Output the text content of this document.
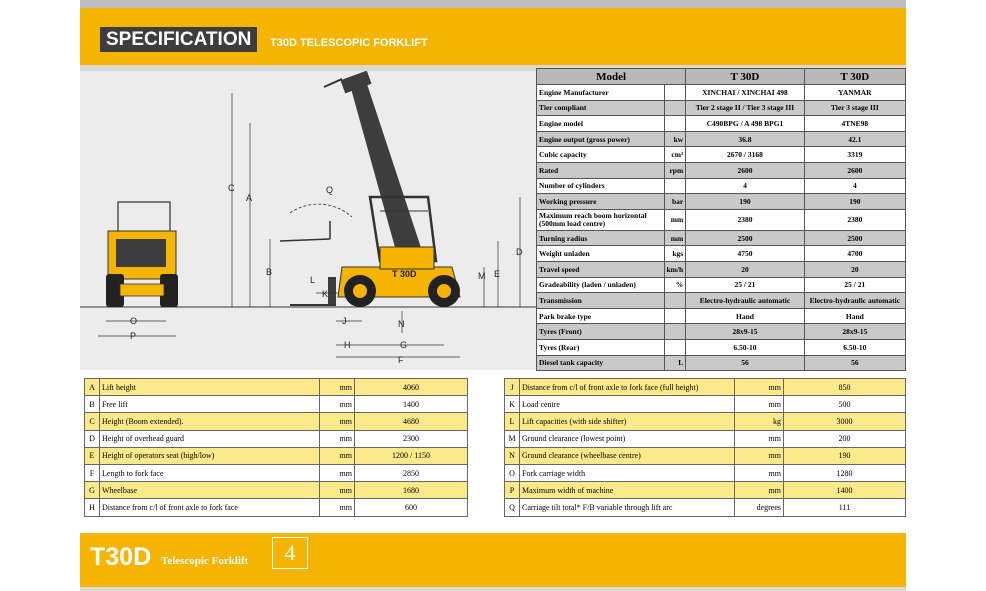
SPECIFICATION	T30D TELESCOPIC FORKLIFT
O
P
T 30D
C
A
B
D
E
M
Q
L
K
J	N
H	G
F
Model		T 30D	T 30D
Engine Manufacturer		XINCHAI / XINCHAI 498	YANMAR
Tier compliant		Tier 2 stage II / Tier 3 stage III	Tier 3 stage III
Engine model		C490BPG / A 498 BPG1	4TNE98
Engine output (gross power)	kw	36.8	42.1
Cubic capacity	cm³	2670 / 3168	3319
Rated	rpm	2600	2600
Number of cylinders		4	4
Working pressure	bar	190	190
Maximum reach boom horizontal
(500mm load centre)	mm	2380	2380
Turning radius	mm	2500	2500
Weight unladen	kgs	4750	4700
Travel speed	km/h	20	20
Gradeability (laden / unladen)	%	25 / 21	25 / 21
Transmission		Electro-hydraulic automatic	Electro-hydraulic automatic
Park brake type		Hand	Hand
Tyres (Front)		28x9-15	28x9-15
Tyres (Rear)		6.50-10	6.50-10
Diesel tank capacity	L	56	56
A	Lift height	mm	4060
B	Free lift	mm	1400
C	Height (Boom extended).	mm	4680
D	Height of overhead guard	mm	2300
E	Height of operators seat (high/low)	mm	1200 / 1150
F	Length to fork face	mm	2850
G	Wheelbase	mm	1680
H	Distance from c/l of front axle to fork face	mm	600
J	Distance from c/l of front axle to fork face (full height)	mm	850
K	Load centre	mm	500
L	Lift capacities (with side shifter)	kg	3000
M	Ground clearance (lowest point)	mm	200
N	Ground clearance (wheelbase centre)	mm	190
O	Fork carriage width	mm	1280
P	Maximum width of machine	mm	1400
Q	Carriage tilt total* F/B variable through lift arc	degrees	111
T30D Telescopic Forklift	4
